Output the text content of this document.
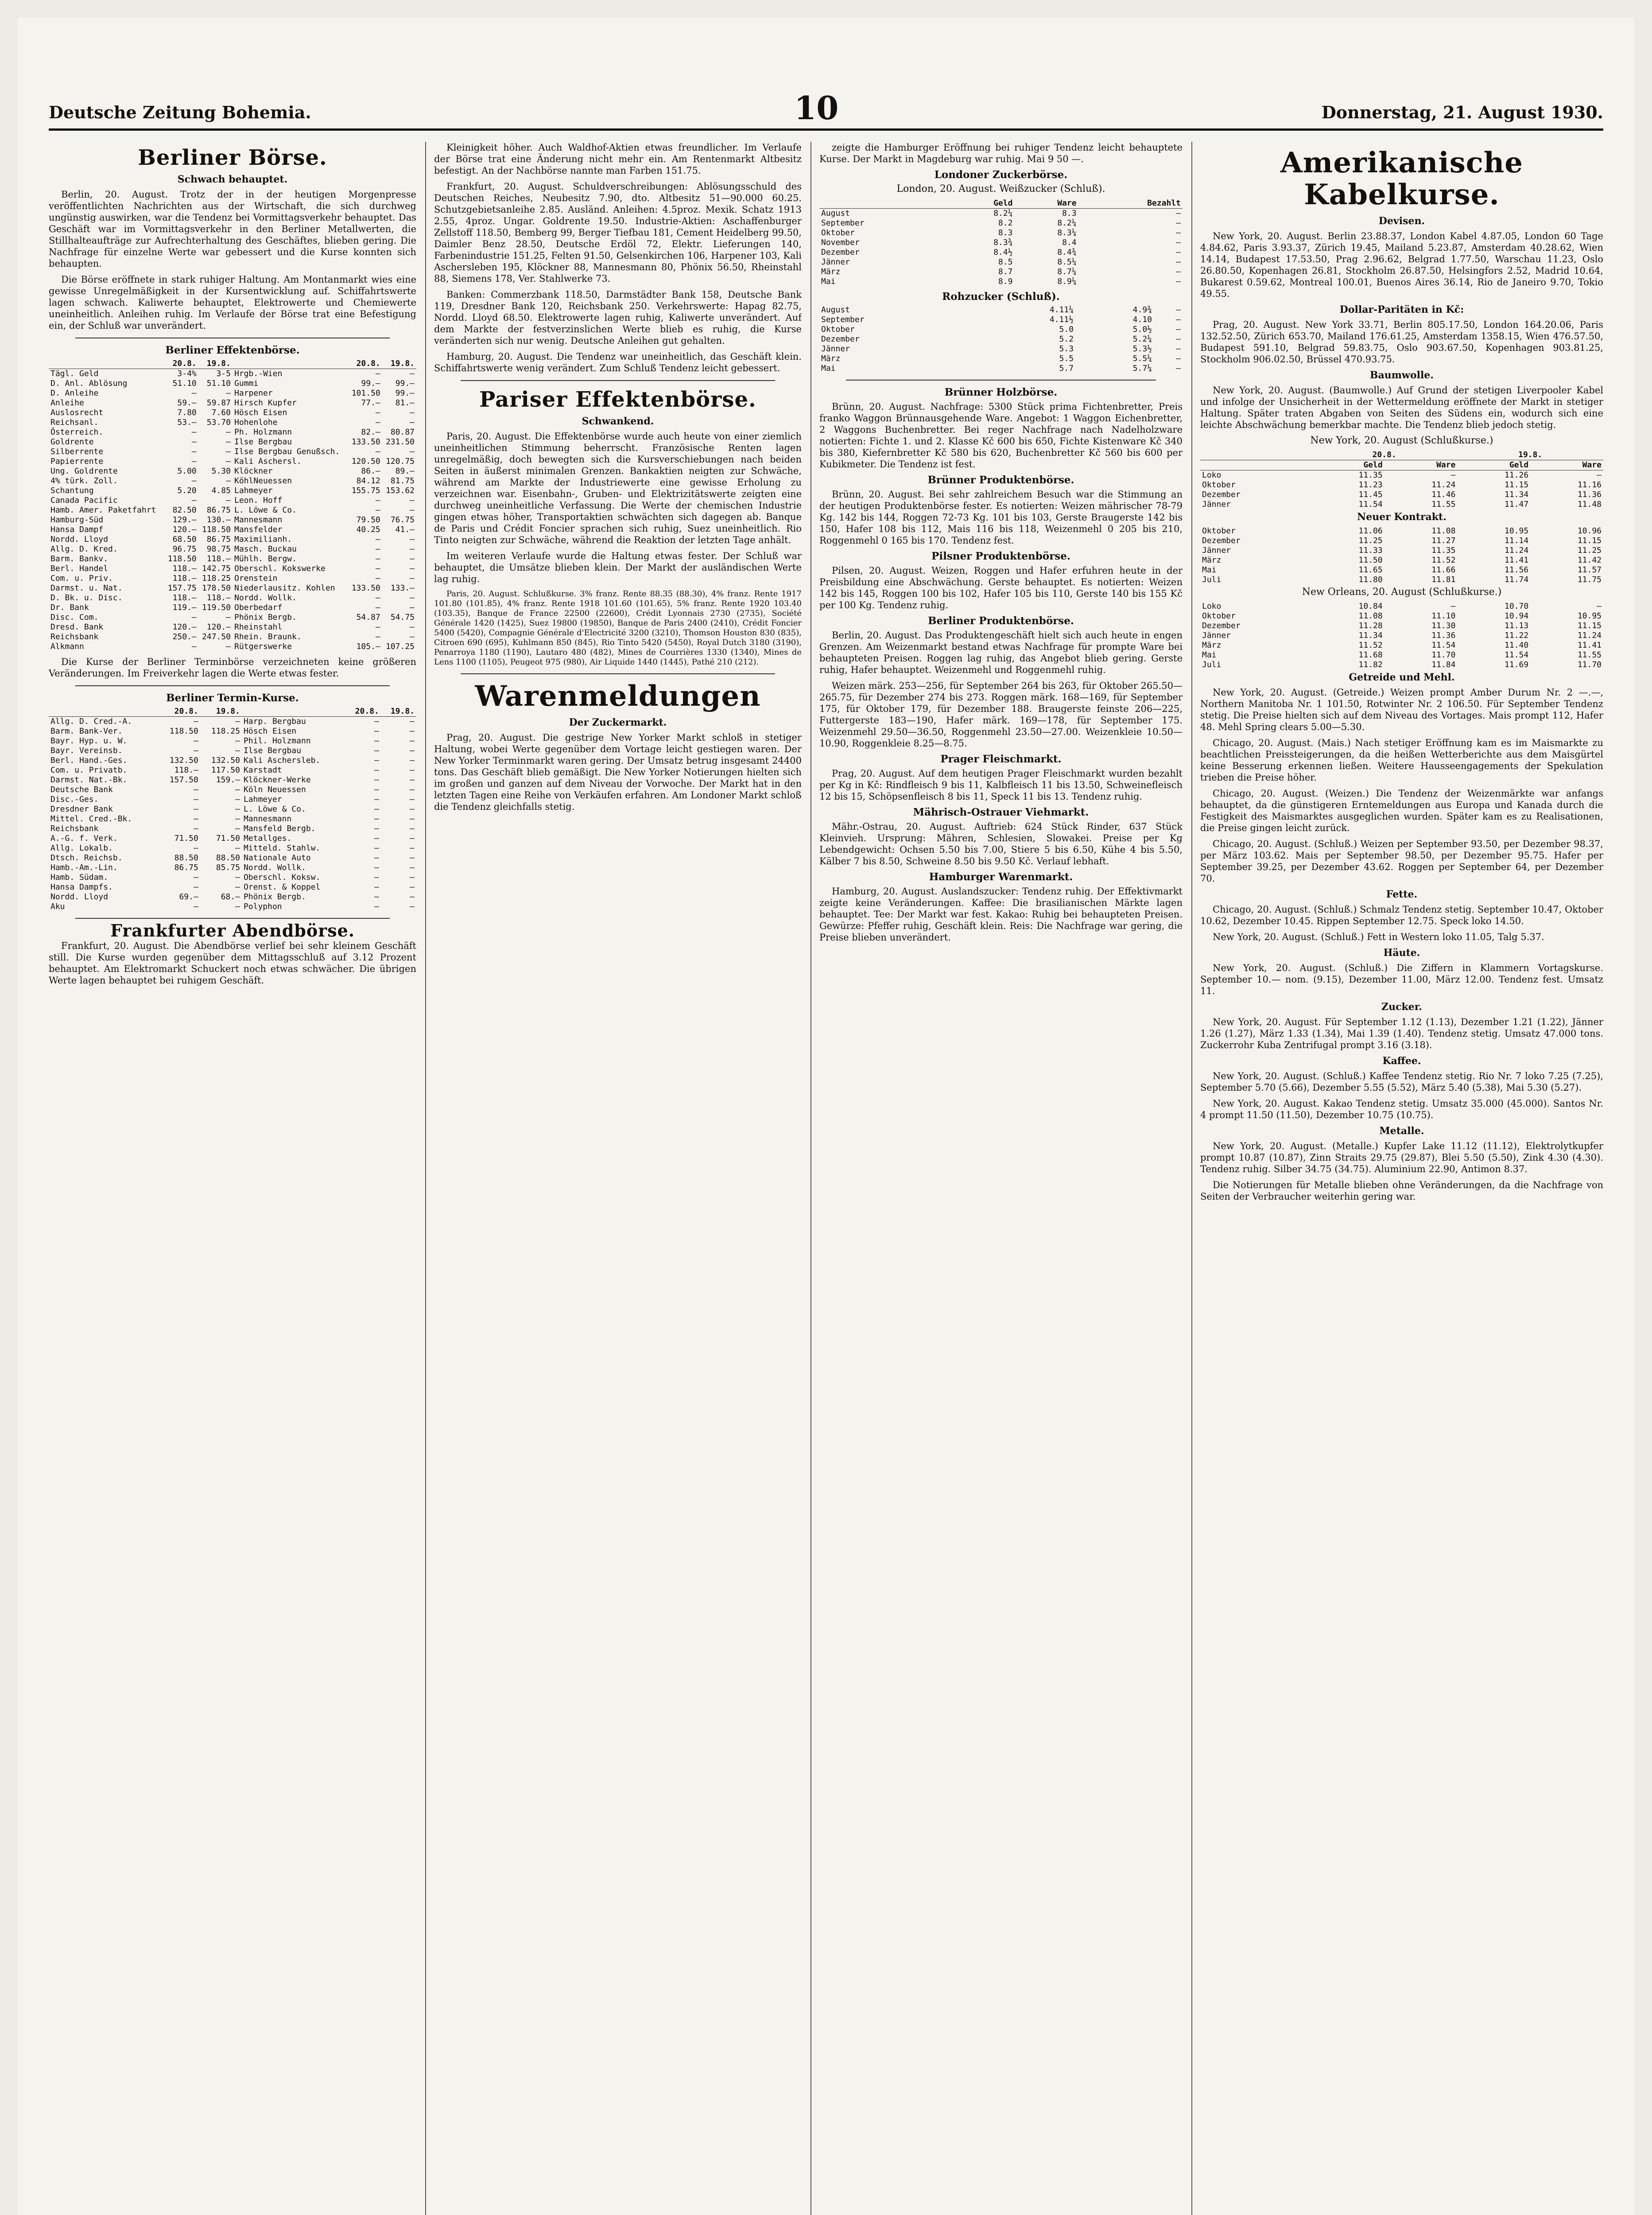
Deutsche Zeitung Bohemia.	10	Donnerstag, 21. August 1930.
Berliner Börse.
Schwach behauptet.

Berlin, 20. August. Trotz der in der heutigen Morgenpresse veröffentlichten Nachrichten aus der Wirtschaft, die sich durchweg ungünstig auswirken, war die Tendenz bei Vormittagsverkehr behauptet. Das Geschäft war im Vormittagsverkehr in den Berliner Metallwerten, die Stillhalteaufträge zur Aufrechterhaltung des Geschäftes, blieben gering. Die Nachfrage für einzelne Werte war gebessert und die Kurse konnten sich behaupten.

Die Börse eröffnete in stark ruhiger Haltung. Am Montanmarkt wies eine gewisse Unregelmäßigkeit in der Kursentwicklung auf. Schiffahrtswerte lagen schwach. Kaliwerte behauptet, Elektrowerte und Chemiewerte uneinheitlich. Anleihen ruhig. Im Verlaufe der Börse trat eine Befestigung ein, der Schluß war unverändert.

Berliner Effektenbörse.
	20.8.	19.8.		20.8.	19.8.
Tägl. Geld	3-4%	3-5	Hrgb.-Wien	—	—
D. Anl. Ablösung	51.10	51.10	Gummi	99.—	99.—
D. Anleihe	—	—	Harpener	101.50	99.—
Anleihe	59.—	59.87	Hirsch Kupfer	77.—	81.—
Auslosrecht	7.80	7.60	Hösch Eisen	—	—
Reichsanl.	53.—	53.70	Hohenlohe	—	—
Österreich.	—	—	Ph. Holzmann	82.—	80.87
Goldrente	—	—	Ilse Bergbau	133.50	231.50
Silberrente	—	—	Ilse Bergbau Genußsch.	—	—
Papierrente	—	—	Kali Aschersl.	120.50	120.75
Ung. Goldrente	5.00	5.30	Klöckner	86.—	89.—
4% türk. Zoll.	—	—	KöhlNeuessen	84.12	81.75
Schantung	5.20	4.85	Lahmeyer	155.75	153.62
Canada Pacific	—	—	Leon. Hoff	—	—
Hamb. Amer. Paketfahrt	82.50	86.75	L. Löwe & Co.	—	—
Hamburg-Süd	129.—	130.—	Mannesmann	79.50	76.75
Hansa Dampf	120.—	118.50	Mansfelder	40.25	41.—
Nordd. Lloyd	68.50	86.75	Maximilianh.	—	—
Allg. D. Kred.	96.75	98.75	Masch. Buckau	—	—
Barm. Bankv.	118.50	118.—	Mühlh. Bergw.	—	—
Berl. Handel	118.—	142.75	Oberschl. Kokswerke	—	—
Com. u. Priv.	118.—	118.25	Orenstein	—	—
Darmst. u. Nat.	157.75	178.50	Niederlausitz. Kohlen	133.50	133.—
D. Bk. u. Disc.	118.—	118.—	Nordd. Wollk.	—	—
Dr. Bank	119.—	119.50	Oberbedarf	—	—
Disc. Com.	—	—	Phönix Bergb.	54.87	54.75
Dresd. Bank	120.—	120.—	Rheinstahl	—	—
Reichsbank	250.—	247.50	Rhein. Braunk.	—	—
Alkmann	—	—	Rütgerswerke	105.—	107.25

Die Kurse der Berliner Terminbörse verzeichneten keine größeren Veränderungen. Im Freiverkehr lagen die Werte etwas fester.

Berliner Termin-Kurse.
	20.8.	19.8.		20.8.	19.8.
Allg. D. Cred.-A.	—	—	Harp. Bergbau	—	—
Barm. Bank-Ver.	118.50	118.25	Hösch Eisen	—	—
Bayr. Hyp. u. W.	—	—	Phil. Holzmann	—	—
Bayr. Vereinsb.	—	—	Ilse Bergbau	—	—
Berl. Hand.-Ges.	132.50	132.50	Kali Aschersleb.	—	—
Com. u. Privatb.	118.—	117.50	Karstadt	—	—
Darmst. Nat.-Bk.	157.50	159.—	Klöckner-Werke	—	—
Deutsche Bank	—	—	Köln Neuessen	—	—
Disc.-Ges.	—	—	Lahmeyer	—	—
Dresdner Bank	—	—	L. Löwe & Co.	—	—
Mittel. Cred.-Bk.	—	—	Mannesmann	—	—
Reichsbank	—	—	Mansfeld Bergb.	—	—
A.-G. f. Verk.	71.50	71.50	Metallges.	—	—
Allg. Lokalb.	—	—	Mitteld. Stahlw.	—	—
Dtsch. Reichsb.	88.50	88.50	Nationale Auto	—	—
Hamb.-Am.-Lin.	86.75	85.75	Nordd. Wollk.	—	—
Hamb. Südam.	—	—	Oberschl. Koksw.	—	—
Hansa Dampfs.	—	—	Orenst. & Koppel	—	—
Nordd. Lloyd	69.—	68.—	Phönix Bergb.	—	—
Aku	—	—	Polyphon	—	—
Frankfurter Abendbörse.

Frankfurt, 20. August. Die Abendbörse verlief bei sehr kleinem Geschäft still. Die Kurse wurden gegenüber dem Mittagsschluß auf 3.12 Prozent behauptet. Am Elektromarkt Schuckert noch etwas schwächer. Die übrigen Werte lagen behauptet bei ruhigem Geschäft.

Kleinigkeit höher. Auch Waldhof-Aktien etwas freundlicher. Im Verlaufe der Börse trat eine Änderung nicht mehr ein. Am Rentenmarkt Altbesitz befestigt. An der Nachbörse nannte man Farben 151.75.

Frankfurt, 20. August. Schuldverschreibungen: Ablösungsschuld des Deutschen Reiches, Neubesitz 7.90, dto. Altbesitz 51—90.000 60.25. Schutzgebietsanleihe 2.85. Ausländ. Anleihen: 4.5proz. Mexik. Schatz 1913 2.55, 4proz. Ungar. Goldrente 19.50. Industrie-Aktien: Aschaffenburger Zellstoff 118.50, Bemberg 99, Berger Tiefbau 181, Cement Heidelberg 99.50, Daimler Benz 28.50, Deutsche Erdöl 72, Elektr. Lieferungen 140, Farbenindustrie 151.25, Felten 91.50, Gelsenkirchen 106, Harpener 103, Kali Aschersleben 195, Klöckner 88, Mannesmann 80, Phönix 56.50, Rheinstahl 88, Siemens 178, Ver. Stahlwerke 73.

Banken: Commerzbank 118.50, Darmstädter Bank 158, Deutsche Bank 119, Dresdner Bank 120, Reichsbank 250. Verkehrswerte: Hapag 82.75, Nordd. Lloyd 68.50. Elektrowerte lagen ruhig, Kaliwerte unverändert. Auf dem Markte der festverzinslichen Werte blieb es ruhig, die Kurse veränderten sich nur wenig. Deutsche Anleihen gut gehalten.

Hamburg, 20. August. Die Tendenz war uneinheitlich, das Geschäft klein. Schiffahrtswerte wenig verändert. Zum Schluß Tendenz leicht gebessert.

Pariser Effektenbörse.
Schwankend.

Paris, 20. August. Die Effektenbörse wurde auch heute von einer ziemlich uneinheitlichen Stimmung beherrscht. Französische Renten lagen unregelmäßig, doch bewegten sich die Kursverschiebungen nach beiden Seiten in äußerst minimalen Grenzen. Bankaktien neigten zur Schwäche, während am Markte der Industriewerte eine gewisse Erholung zu verzeichnen war. Eisenbahn-, Gruben- und Elektrizitätswerte zeigten eine durchweg uneinheitliche Verfassung. Die Werte der chemischen Industrie gingen etwas höher, Transportaktien schwächten sich dagegen ab. Banque de Paris und Crédit Foncier sprachen sich ruhig, Suez uneinheitlich. Rio Tinto neigten zur Schwäche, während die Reaktion der letzten Tage anhält.

Im weiteren Verlaufe wurde die Haltung etwas fester. Der Schluß war behauptet, die Umsätze blieben klein. Der Markt der ausländischen Werte lag ruhig.

Paris, 20. August. Schlußkurse. 3% franz. Rente 88.35 (88.30), 4% franz. Rente 1917 101.80 (101.85), 4% franz. Rente 1918 101.60 (101.65), 5% franz. Rente 1920 103.40 (103.35), Banque de France 22500 (22600), Crédit Lyonnais 2730 (2735), Société Générale 1420 (1425), Suez 19800 (19850), Banque de Paris 2400 (2410), Crédit Foncier 5400 (5420), Compagnie Générale d'Electricité 3200 (3210), Thomson Houston 830 (835), Citroen 690 (695), Kuhlmann 850 (845), Rio Tinto 5420 (5450), Royal Dutch 3180 (3190), Penarroya 1180 (1190), Lautaro 480 (482), Mines de Courrières 1330 (1340), Mines de Lens 1100 (1105), Peugeot 975 (980), Air Liquide 1440 (1445), Pathé 210 (212).

Warenmeldungen
Der Zuckermarkt.

Prag, 20. August. Die gestrige New Yorker Markt schloß in stetiger Haltung, wobei Werte gegenüber dem Vortage leicht gestiegen waren. Der New Yorker Terminmarkt waren gering. Der Umsatz betrug insgesamt 24400 tons. Das Geschäft blieb gemäßigt. Die New Yorker Notierungen hielten sich im großen und ganzen auf dem Niveau der Vorwoche. Der Markt hat in den letzten Tagen eine Reihe von Verkäufen erfahren. Am Londoner Markt schloß die Tendenz gleichfalls stetig.

zeigte die Hamburger Eröffnung bei ruhiger Tendenz leicht behauptete Kurse. Der Markt in Magdeburg war ruhig. Mai 9 50 —.

Londoner Zuckerbörse.
London, 20. August. Weißzucker (Schluß).
	Geld	Ware	Bezahlt
August	8.2¼	8.3	—
September	8.2	8.2¼	—
Oktober	8.3	8.3¼	—
November	8.3¾	8.4	—
Dezember	8.4½	8.4¾	—
Jänner	8.5	8.5¼	—
März	8.7	8.7¼	—
Mai	8.9	8.9¼	—
Rohzucker (Schluß).
August	4.11¼	4.9¾	—
September	4.11½	4.10	—
Oktober	5.0	5.0½	—
Dezember	5.2	5.2¼	—
Jänner	5.3	5.3½	—
März	5.5	5.5¼	—
Mai	5.7	5.7¼	—
Brünner Holzbörse.

Brünn, 20. August. Nachfrage: 5300 Stück prima Fichtenbretter, Preis franko Waggon Brünnausgehende Ware. Angebot: 1 Waggon Eichenbretter, 2 Waggons Buchenbretter. Bei reger Nachfrage nach Nadelholzware notierten: Fichte 1. und 2. Klasse Kč 600 bis 650, Fichte Kistenware Kč 340 bis 380, Kiefernbretter Kč 580 bis 620, Buchenbretter Kč 560 bis 600 per Kubikmeter. Die Tendenz ist fest.

Brünner Produktenbörse.

Brünn, 20. August. Bei sehr zahlreichem Besuch war die Stimmung an der heutigen Produktenbörse fester. Es notierten: Weizen mährischer 78-79 Kg. 142 bis 144, Roggen 72-73 Kg. 101 bis 103, Gerste Braugerste 142 bis 150, Hafer 108 bis 112, Mais 116 bis 118, Weizenmehl 0 205 bis 210, Roggenmehl 0 165 bis 170. Tendenz fest.

Pilsner Produktenbörse.

Pilsen, 20. August. Weizen, Roggen und Hafer erfuhren heute in der Preisbildung eine Abschwächung. Gerste behauptet. Es notierten: Weizen 142 bis 145, Roggen 100 bis 102, Hafer 105 bis 110, Gerste 140 bis 155 Kč per 100 Kg. Tendenz ruhig.

Berliner Produktenbörse.

Berlin, 20. August. Das Produktengeschäft hielt sich auch heute in engen Grenzen. Am Weizenmarkt bestand etwas Nachfrage für prompte Ware bei behaupteten Preisen. Roggen lag ruhig, das Angebot blieb gering. Gerste ruhig, Hafer behauptet. Weizenmehl und Roggenmehl ruhig.

Weizen märk. 253—256, für September 264 bis 263, für Oktober 265.50—265.75, für Dezember 274 bis 273. Roggen märk. 168—169, für September 175, für Oktober 179, für Dezember 188. Braugerste feinste 206—225, Futtergerste 183—190, Hafer märk. 169—178, für September 175. Weizenmehl 29.50—36.50, Roggenmehl 23.50—27.00. Weizenkleie 10.50—10.90, Roggenkleie 8.25—8.75.

Prager Fleischmarkt.

Prag, 20. August. Auf dem heutigen Prager Fleischmarkt wurden bezahlt per Kg in Kč: Rindfleisch 9 bis 11, Kalbfleisch 11 bis 13.50, Schweinefleisch 12 bis 15, Schöpsenfleisch 8 bis 11, Speck 11 bis 13. Tendenz ruhig.

Mährisch-Ostrauer Viehmarkt.

Mähr.-Ostrau, 20. August. Auftrieb: 624 Stück Rinder, 637 Stück Kleinvieh. Ursprung: Mähren, Schlesien, Slowakei. Preise per Kg Lebendgewicht: Ochsen 5.50 bis 7.00, Stiere 5 bis 6.50, Kühe 4 bis 5.50, Kälber 7 bis 8.50, Schweine 8.50 bis 9.50 Kč. Verlauf lebhaft.

Hamburger Warenmarkt.

Hamburg, 20. August. Auslandszucker: Tendenz ruhig. Der Effektivmarkt zeigte keine Veränderungen. Kaffee: Die brasilianischen Märkte lagen behauptet. Tee: Der Markt war fest. Kakao: Ruhig bei behaupteten Preisen. Gewürze: Pfeffer ruhig, Geschäft klein. Reis: Die Nachfrage war gering, die Preise blieben unverändert.

Amerikanische Kabelkurse.
Devisen.

New York, 20. August. Berlin 23.88.37, London Kabel 4.87.05, London 60 Tage 4.84.62, Paris 3.93.37, Zürich 19.45, Mailand 5.23.87, Amsterdam 40.28.62, Wien 14.14, Budapest 17.53.50, Prag 2.96.62, Belgrad 1.77.50, Warschau 11.23, Oslo 26.80.50, Kopenhagen 26.81, Stockholm 26.87.50, Helsingfors 2.52, Madrid 10.64, Bukarest 0.59.62, Montreal 100.01, Buenos Aires 36.14, Rio de Janeiro 9.70, Tokio 49.55.

Dollar-Paritäten in Kč:

Prag, 20. August. New York 33.71, Berlin 805.17.50, London 164.20.06, Paris 132.52.50, Zürich 653.70, Mailand 176.61.25, Amsterdam 1358.15, Wien 476.57.50, Budapest 591.10, Belgrad 59.83.75, Oslo 903.67.50, Kopenhagen 903.81.25, Stockholm 906.02.50, Brüssel 470.93.75.

Baumwolle.

New York, 20. August. (Baumwolle.) Auf Grund der stetigen Liverpooler Kabel und infolge der Unsicherheit in der Wettermeldung eröffnete der Markt in stetiger Haltung. Später traten Abgaben von Seiten des Südens ein, wodurch sich eine leichte Abschwächung bemerkbar machte. Die Tendenz blieb jedoch stetig.

New York, 20. August (Schlußkurse.)
	20.8.		19.8.	
	Geld	Ware	Geld	Ware
Loko	11.35	—	11.26	—
Oktober	11.23	11.24	11.15	11.16
Dezember	11.45	11.46	11.34	11.36
Jänner	11.54	11.55	11.47	11.48
Neuer Kontrakt.
Oktober	11.06	11.08	10.95	10.96
Dezember	11.25	11.27	11.14	11.15
Jänner	11.33	11.35	11.24	11.25
März	11.50	11.52	11.41	11.42
Mai	11.65	11.66	11.56	11.57
Juli	11.80	11.81	11.74	11.75
New Orleans, 20. August (Schlußkurse.)
Loko	10.84	—	10.70	—
Oktober	11.08	11.10	10.94	10.95
Dezember	11.28	11.30	11.13	11.15
Jänner	11.34	11.36	11.22	11.24
März	11.52	11.54	11.40	11.41
Mai	11.68	11.70	11.54	11.55
Juli	11.82	11.84	11.69	11.70
Getreide und Mehl.

New York, 20. August. (Getreide.) Weizen prompt Amber Durum Nr. 2 —.—, Northern Manitoba Nr. 1 101.50, Rotwinter Nr. 2 106.50. Für September Tendenz stetig. Die Preise hielten sich auf dem Niveau des Vortages. Mais prompt 112, Hafer 48. Mehl Spring clears 5.00—5.30.

Chicago, 20. August. (Mais.) Nach stetiger Eröffnung kam es im Maismarkte zu beachtlichen Preissteigerungen, da die heißen Wetterberichte aus dem Maisgürtel keine Besserung erkennen ließen. Weitere Hausseengagements der Spekulation trieben die Preise höher.

Chicago, 20. August. (Weizen.) Die Tendenz der Weizenmärkte war anfangs behauptet, da die günstigeren Erntemeldungen aus Europa und Kanada durch die Festigkeit des Maismarktes ausgeglichen wurden. Später kam es zu Realisationen, die Preise gingen leicht zurück.

Chicago, 20. August. (Schluß.) Weizen per September 93.50, per Dezember 98.37, per März 103.62. Mais per September 98.50, per Dezember 95.75. Hafer per September 39.25, per Dezember 43.62. Roggen per September 64, per Dezember 70.

Fette.

Chicago, 20. August. (Schluß.) Schmalz Tendenz stetig. September 10.47, Oktober 10.62, Dezember 10.45. Rippen September 12.75. Speck loko 14.50.

New York, 20. August. (Schluß.) Fett in Western loko 11.05, Talg 5.37.

Häute.

New York, 20. August. (Schluß.) Die Ziffern in Klammern Vortagskurse. September 10.— nom. (9.15), Dezember 11.00, März 12.00. Tendenz fest. Umsatz 11.

Zucker.

New York, 20. August. Für September 1.12 (1.13), Dezember 1.21 (1.22), Jänner 1.26 (1.27), März 1.33 (1.34), Mai 1.39 (1.40). Tendenz stetig. Umsatz 47.000 tons. Zuckerrohr Kuba Zentrifugal prompt 3.16 (3.18).

Kaffee.

New York, 20. August. (Schluß.) Kaffee Tendenz stetig. Rio Nr. 7 loko 7.25 (7.25), September 5.70 (5.66), Dezember 5.55 (5.52), März 5.40 (5.38), Mai 5.30 (5.27).

New York, 20. August. Kakao Tendenz stetig. Umsatz 35.000 (45.000). Santos Nr. 4 prompt 11.50 (11.50), Dezember 10.75 (10.75).

Metalle.

New York, 20. August. (Metalle.) Kupfer Lake 11.12 (11.12), Elektrolytkupfer prompt 10.87 (10.87), Zinn Straits 29.75 (29.87), Blei 5.50 (5.50), Zink 4.30 (4.30). Tendenz ruhig. Silber 34.75 (34.75). Aluminium 22.90, Antimon 8.37.

Die Notierungen für Metalle blieben ohne Veränderungen, da die Nachfrage von Seiten der Verbraucher weiterhin gering war.
